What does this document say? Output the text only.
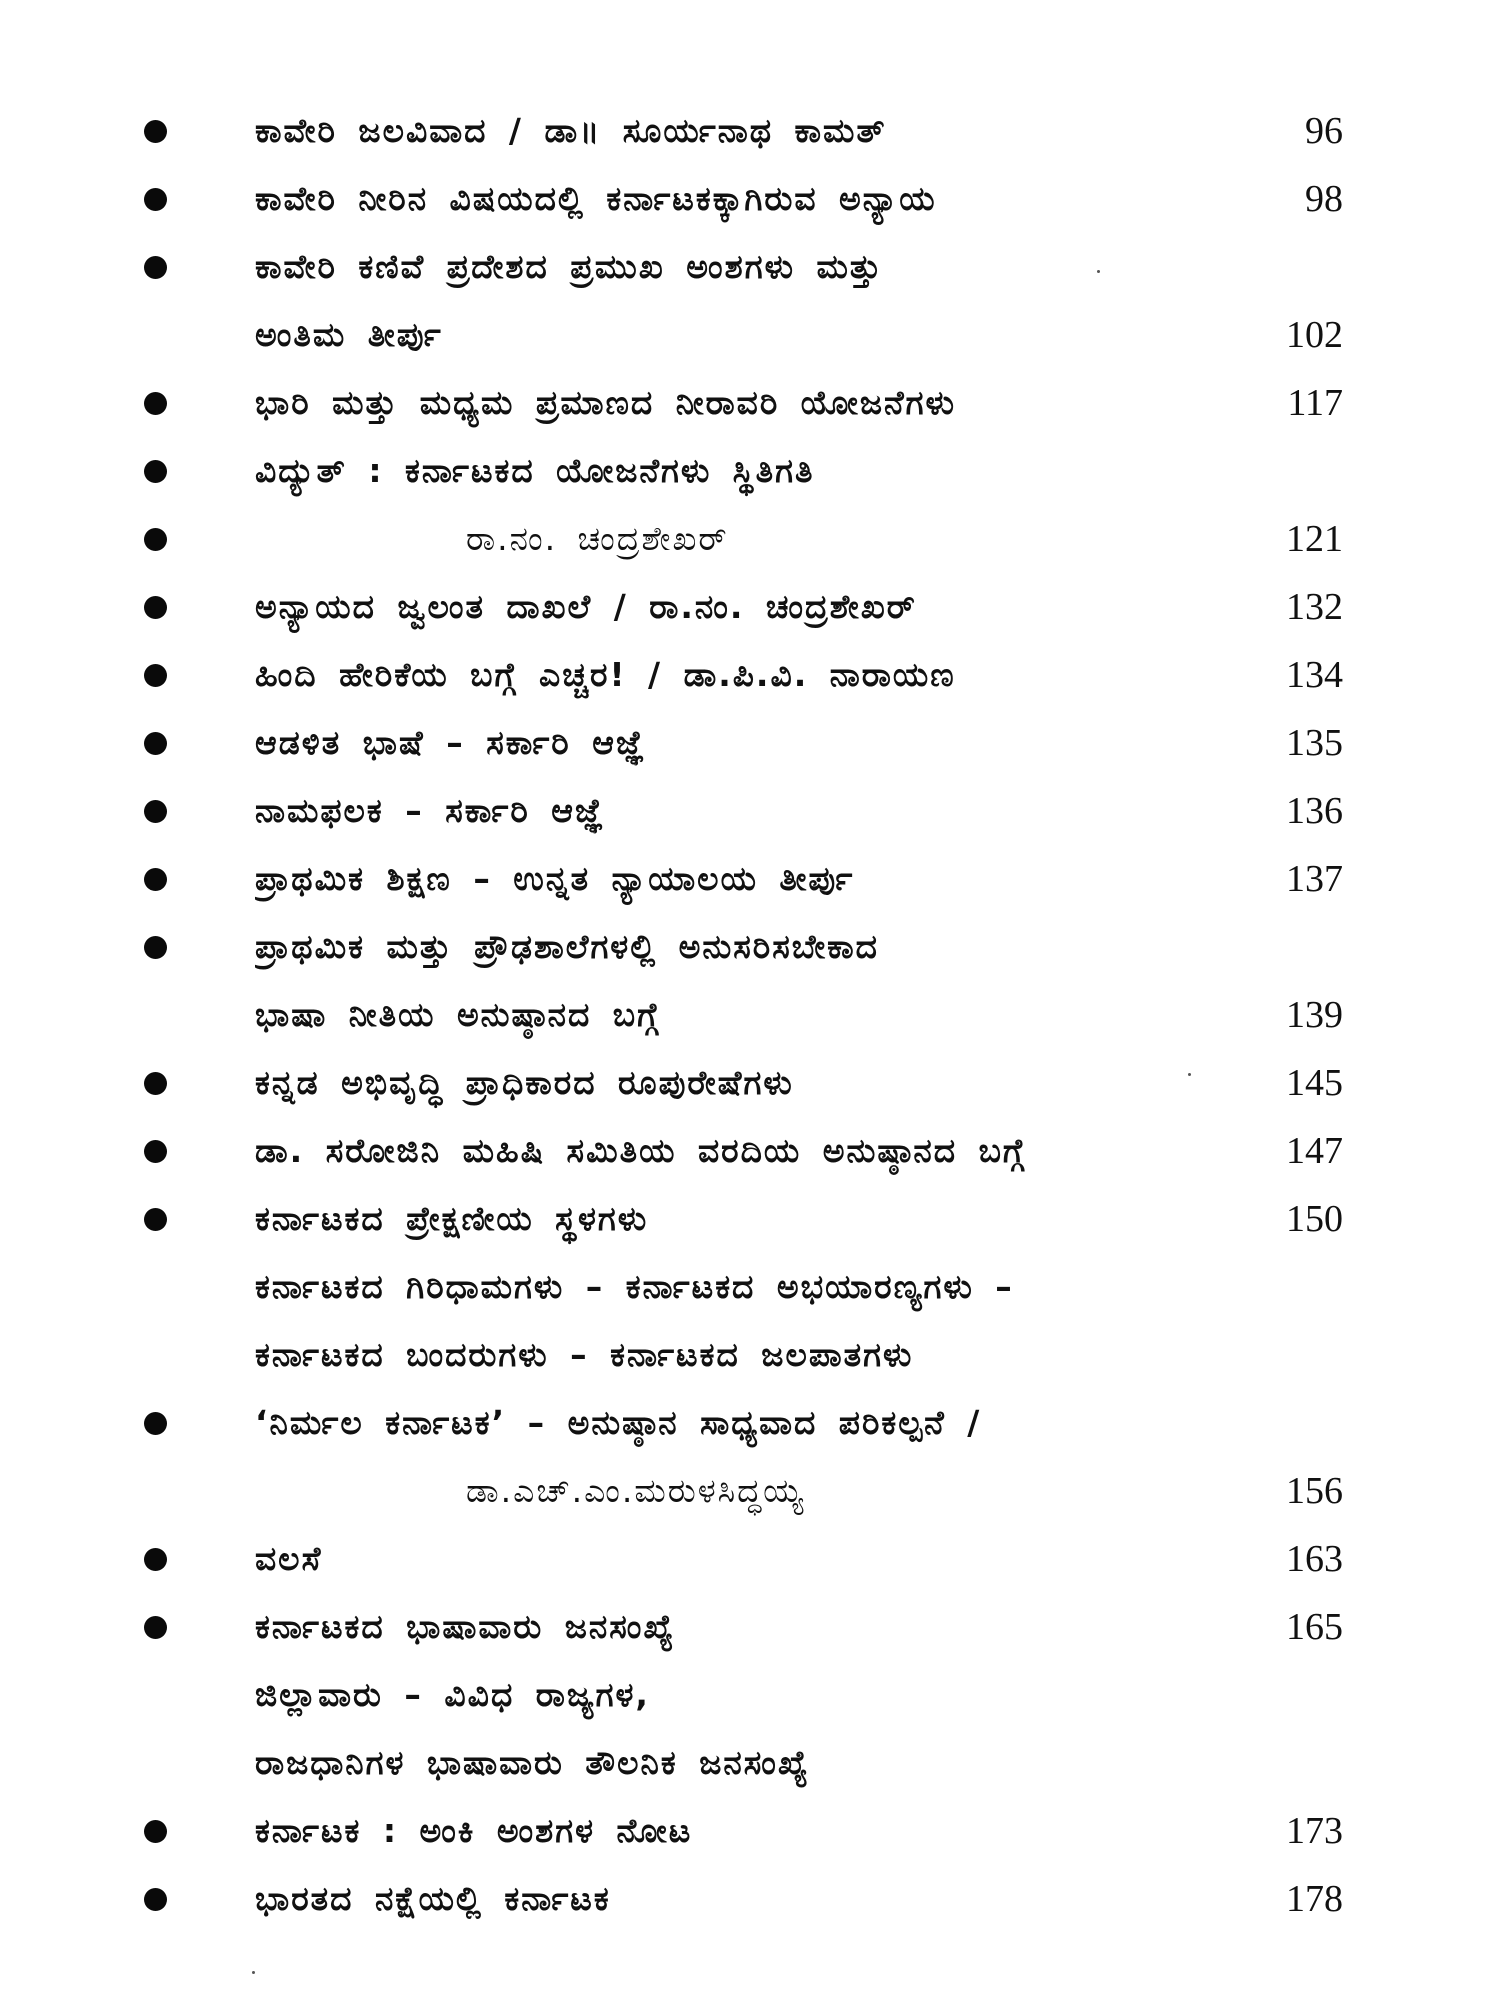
ಕಾವೇರಿ ಜಲವಿವಾದ / ಡಾ॥ ಸೂರ್ಯನಾಥ ಕಾಮತ್	96
ಕಾವೇರಿ ನೀರಿನ ವಿಷಯದಲ್ಲಿ ಕರ್ನಾಟಕಕ್ಕಾಗಿರುವ ಅನ್ಯಾಯ	98
ಕಾವೇರಿ ಕಣಿವೆ ಪ್ರದೇಶದ ಪ್ರಮುಖ ಅಂಶಗಳು ಮತ್ತು
ಅಂತಿಮ ತೀರ್ಪು	102
ಭಾರಿ ಮತ್ತು ಮಧ್ಯಮ ಪ್ರಮಾಣದ ನೀರಾವರಿ ಯೋಜನೆಗಳು	117
ವಿದ್ಯುತ್ : ಕರ್ನಾಟಕದ ಯೋಜನೆಗಳು ಸ್ಥಿತಿಗತಿ
ರಾ.ನಂ. ಚಂದ್ರಶೇಖರ್	121
ಅನ್ಯಾಯದ ಜ್ವಲಂತ ದಾಖಲೆ / ರಾ.ನಂ. ಚಂದ್ರಶೇಖರ್	132
ಹಿಂದಿ ಹೇರಿಕೆಯ ಬಗ್ಗೆ ಎಚ್ಚರ! / ಡಾ.ಪಿ.ವಿ. ನಾರಾಯಣ	134
ಆಡಳಿತ ಭಾಷೆ – ಸರ್ಕಾರಿ ಆಜ್ಞೆ	135
ನಾಮಫಲಕ – ಸರ್ಕಾರಿ ಆಜ್ಞೆ	136
ಪ್ರಾಥಮಿಕ ಶಿಕ್ಷಣ – ಉನ್ನತ ನ್ಯಾಯಾಲಯ ತೀರ್ಪು	137
ಪ್ರಾಥಮಿಕ ಮತ್ತು ಪ್ರೌಢಶಾಲೆಗಳಲ್ಲಿ ಅನುಸರಿಸಬೇಕಾದ
ಭಾಷಾ ನೀತಿಯ ಅನುಷ್ಠಾನದ ಬಗ್ಗೆ	139
ಕನ್ನಡ ಅಭಿವೃದ್ಧಿ ಪ್ರಾಧಿಕಾರದ ರೂಪುರೇಷೆಗಳು	145
ಡಾ. ಸರೋಜಿನಿ ಮಹಿಷಿ ಸಮಿತಿಯ ವರದಿಯ ಅನುಷ್ಠಾನದ ಬಗ್ಗೆ	147
ಕರ್ನಾಟಕದ ಪ್ರೇಕ್ಷಣೀಯ ಸ್ಥಳಗಳು	150
ಕರ್ನಾಟಕದ ಗಿರಿಧಾಮಗಳು – ಕರ್ನಾಟಕದ ಅಭಯಾರಣ್ಯಗಳು –
ಕರ್ನಾಟಕದ ಬಂದರುಗಳು – ಕರ್ನಾಟಕದ ಜಲಪಾತಗಳು
‘ನಿರ್ಮಲ ಕರ್ನಾಟಕ’ – ಅನುಷ್ಠಾನ ಸಾಧ್ಯವಾದ ಪರಿಕಲ್ಪನೆ /
ಡಾ.ಎಚ್.ಎಂ.ಮರುಳಸಿದ್ಧಯ್ಯ	156
ವಲಸೆ	163
ಕರ್ನಾಟಕದ ಭಾಷಾವಾರು ಜನಸಂಖ್ಯೆ	165
ಜಿಲ್ಲಾವಾರು – ವಿವಿಧ ರಾಜ್ಯಗಳ,
ರಾಜಧಾನಿಗಳ ಭಾಷಾವಾರು ತೌಲನಿಕ ಜನಸಂಖ್ಯೆ
ಕರ್ನಾಟಕ : ಅಂಕಿ ಅಂಶಗಳ ನೋಟ	173
ಭಾರತದ ನಕ್ಷೆಯಲ್ಲಿ ಕರ್ನಾಟಕ	178
